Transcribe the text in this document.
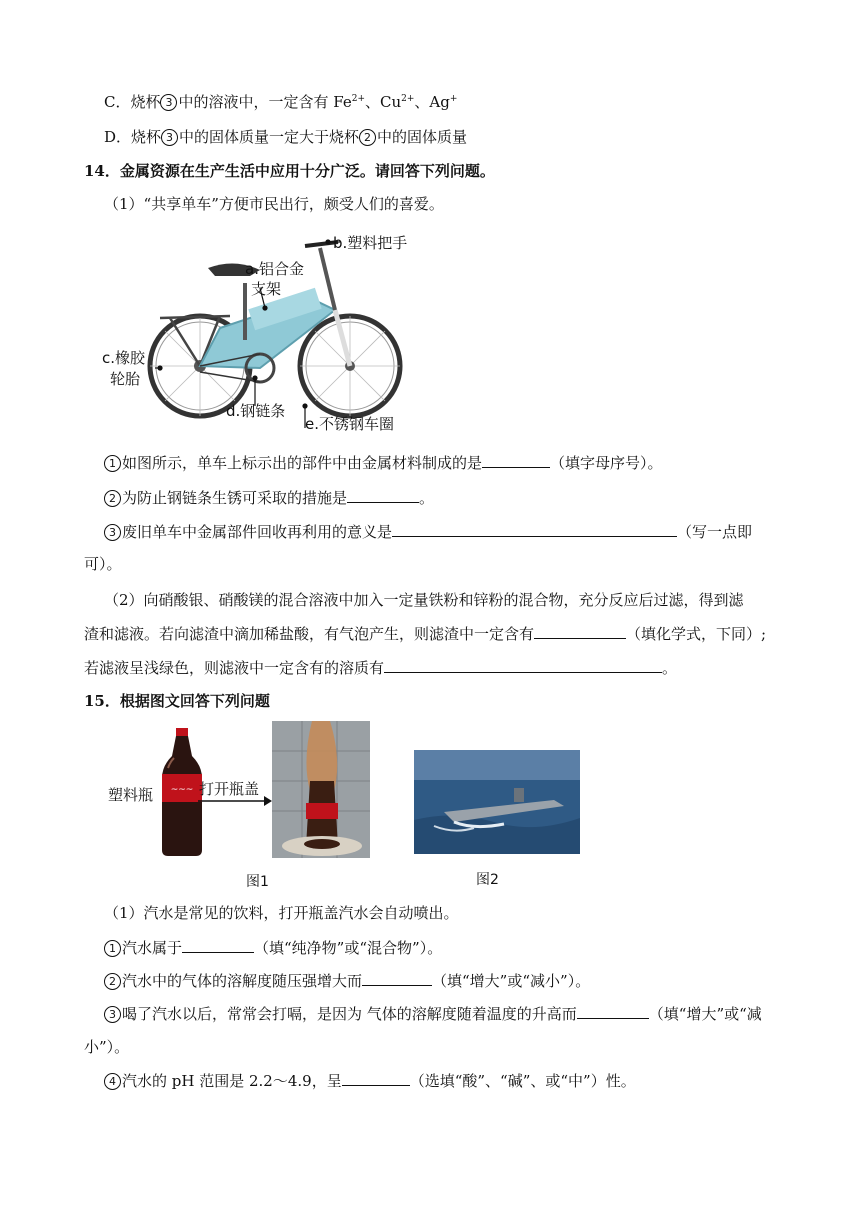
C．烧杯 3 中的溶液中，一定含有 $Fe^{2+}$、$Cu^{2+}$、Ag+
D．烧杯 3 中的固体质量一定大于烧杯 2 中的固体质量
14．金属资源在生产生活中应用十分广泛。请回答下列问题。
（1）“共享单车”方便市民出行，颇受人们的喜爱。
a.铝合金
支架
b.塑料把手
c.橡胶
轮胎
d.钢链条
e.不锈钢车圈
1 如图所示，单车上标示出的部件中由金属材料制成的是	（填字母序号）。
2 为防止钢链条生锈可采取的措施是	。
3 废旧单车中金属部件回收再利用的意义是	（写一点即
可）。
（2）向硝酸银、硝酸镁的混合溶液中加入一定量铁粉和锌粉的混合物，充分反应后过滤，得到滤
渣和滤液。若向滤渣中滴加稀盐酸，有气泡产生，则滤渣中一定含有	（填化学式，下同）;
若滤液呈浅绿色，则滤液中一定含有的溶质有	。
15．根据图文回答下列问题
~~~
塑料瓶	打开瓶盖
图1	图2
（1）汽水是常见的饮料，打开瓶盖汽水会自动喷出。
1 汽水属于	（填“纯净物”或“混合物”）。
2 汽水中的气体的溶解度随压强增大而	（填“增大”或“减小”）。
3 喝了汽水以后，常常会打嗝，是因为 气体的溶解度随着温度的升高而	（填“增大”或“减
小”）。
4 汽水的 pH 范围是 2.2～4.9，呈	（选填“酸”、“碱”、或“中”）性。
